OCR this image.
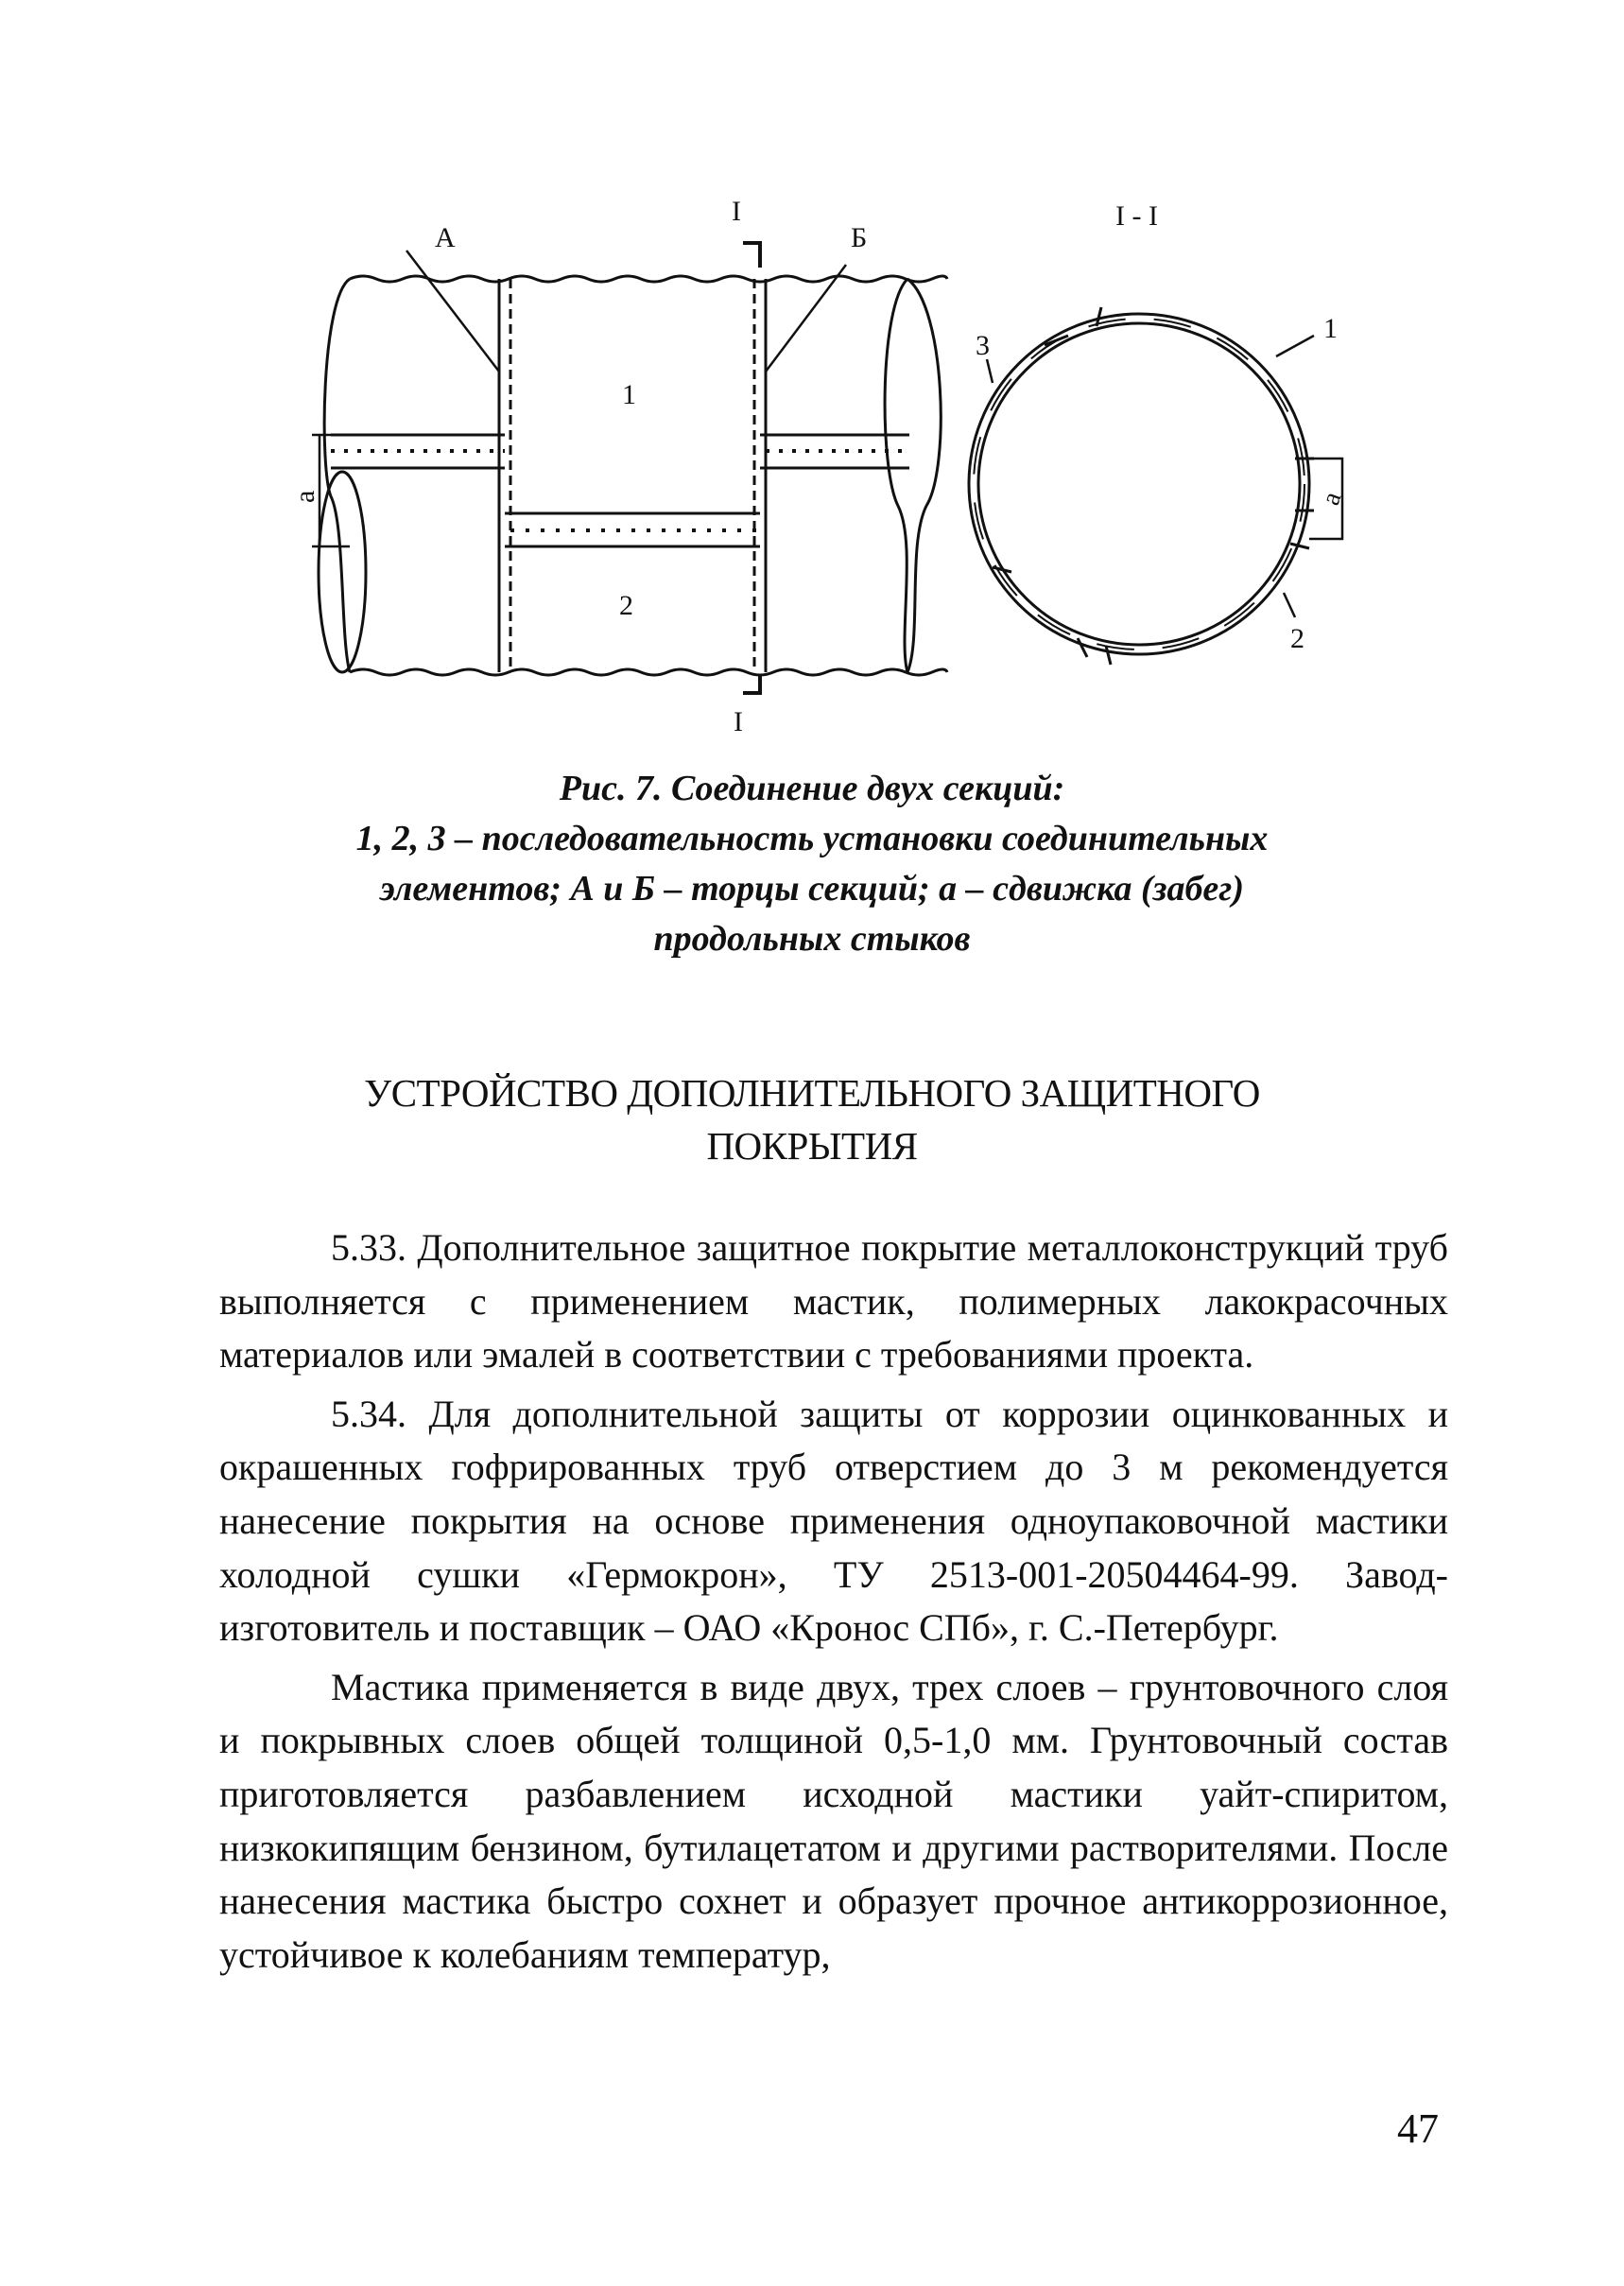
А	Б
I
I
I - I
1
2
а
1
2
3
а
Рис. 7. Соединение двух секций:
1, 2, 3 – последовательность установки соединительных
элементов; А и Б – торцы секций; а – сдвижка (забег)
продольных стыков
УСТРОЙСТВО ДОПОЛНИТЕЛЬНОГО ЗАЩИТНОГО
ПОКРЫТИЯ

5.33. Дополнительное защитное покрытие металлоконструкций труб выполняется с применением мастик, полимерных лакокрасочных материалов или эмалей в соответствии с требованиями проекта.

5.34. Для дополнительной защиты от коррозии оцинкованных и окрашенных гофрированных труб отверстием до 3 м рекомендуется нанесение покрытия на основе применения одноупаковочной мастики холодной сушки «Гермокрон», ТУ 2513-001-20504464-99. Завод-изготовитель и поставщик – ОАО «Кронос СПб», г. С.-Петербург.

Мастика применяется в виде двух, трех слоев – грунтовочного слоя и покрывных слоев общей толщиной 0,5-1,0 мм. Грунтовочный состав приготовляется разбавлением исходной мастики уайт-спиритом, низкокипящим бензином, бутилацетатом и другими растворителями. После нанесения мастика быстро сохнет и образует прочное антикоррозионное, устойчивое к колебаниям температур,

47
